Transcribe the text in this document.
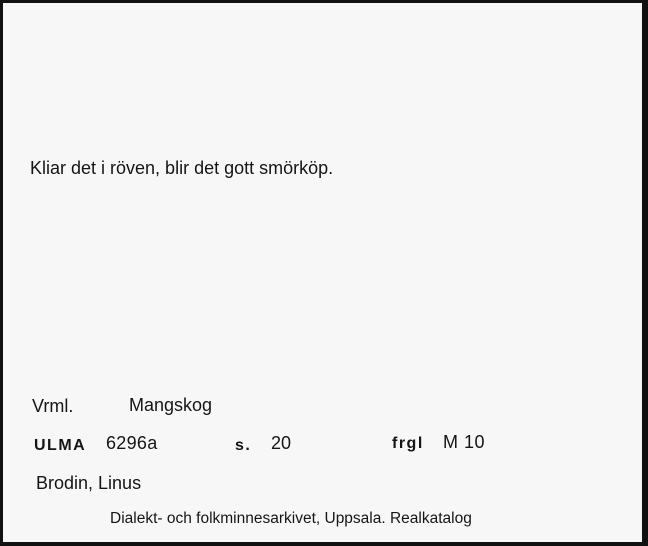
Kliar det i röven, blir det gott smörköp.
Vrml.	Mangskog
ULMA 6296a	s. 20	frgl M 10
Brodin, Linus
Dialekt- och folkminnesarkivet, Uppsala. Realkatalog
